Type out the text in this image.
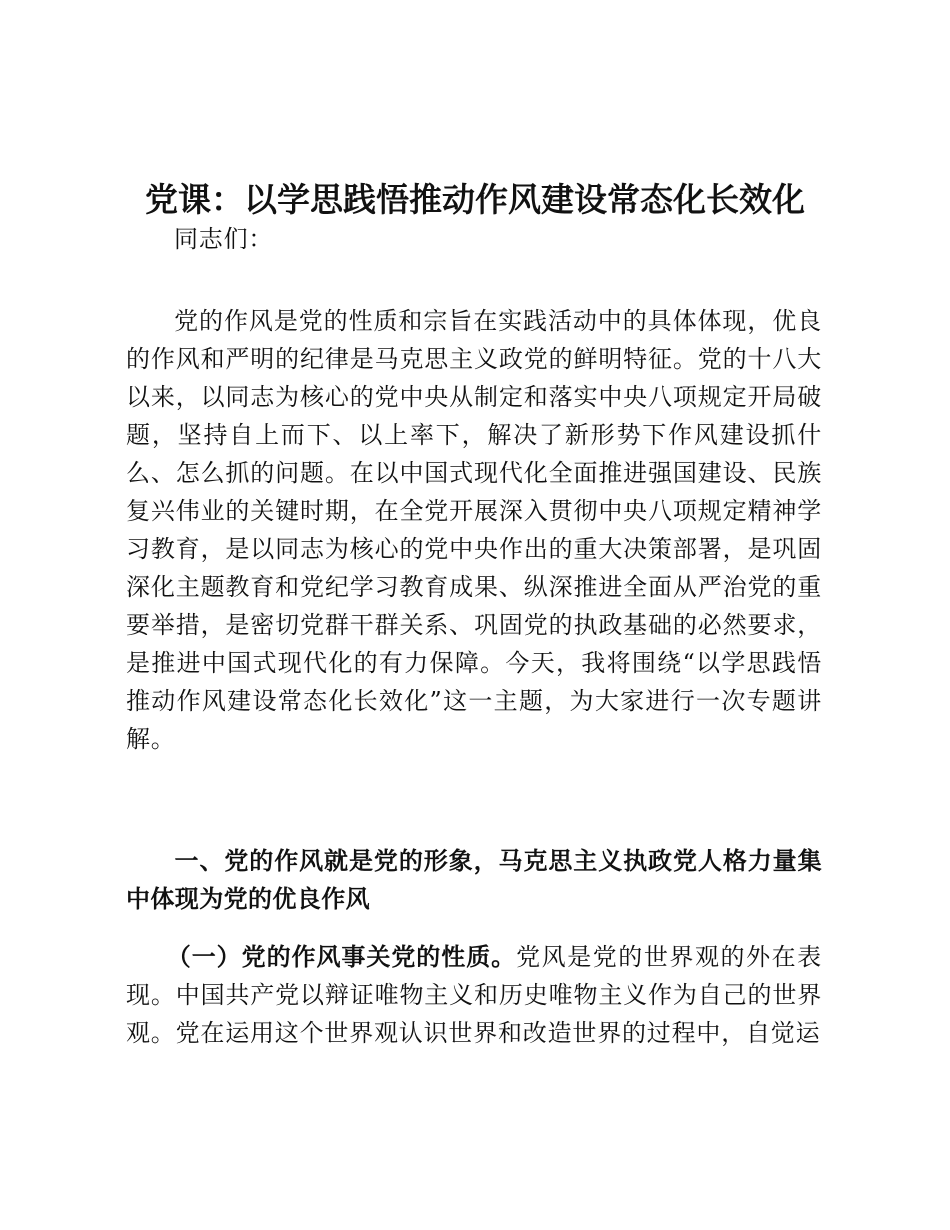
党课：以学思践悟推动作风建设常态化长效化

同志们：

党的作风是党的性质和宗旨在实践活动中的具体体现，优良的作风和严明的纪律是马克思主义政党的鲜明特征。党的十八大以来，以同志为核心的党中央从制定和落实中央八项规定开局破题，坚持自上而下、以上率下，解决了新形势下作风建设抓什么、怎么抓的问题。在以中国式现代化全面推进强国建设、民族复兴伟业的关键时期，在全党开展深入贯彻中央八项规定精神学习教育，是以同志为核心的党中央作出的重大决策部署，是巩固深化主题教育和党纪学习教育成果、纵深推进全面从严治党的重要举措，是密切党群干群关系、巩固党的执政基础的必然要求，是推进中国式现代化的有力保障。今天，我将围绕“以学思践悟推动作风建设常态化长效化”这一主题，为大家进行一次专题讲解。

一、党的作风就是党的形象，马克思主义执政党人格力量集中体现为党的优良作风

（一）党的作风事关党的性质。党风是党的世界观的外在表现。中国共产党以辩证唯物主义和历史唯物主义作为自己的世界观。党在运用这个世界观认识世界和改造世界的过程中，自觉运
